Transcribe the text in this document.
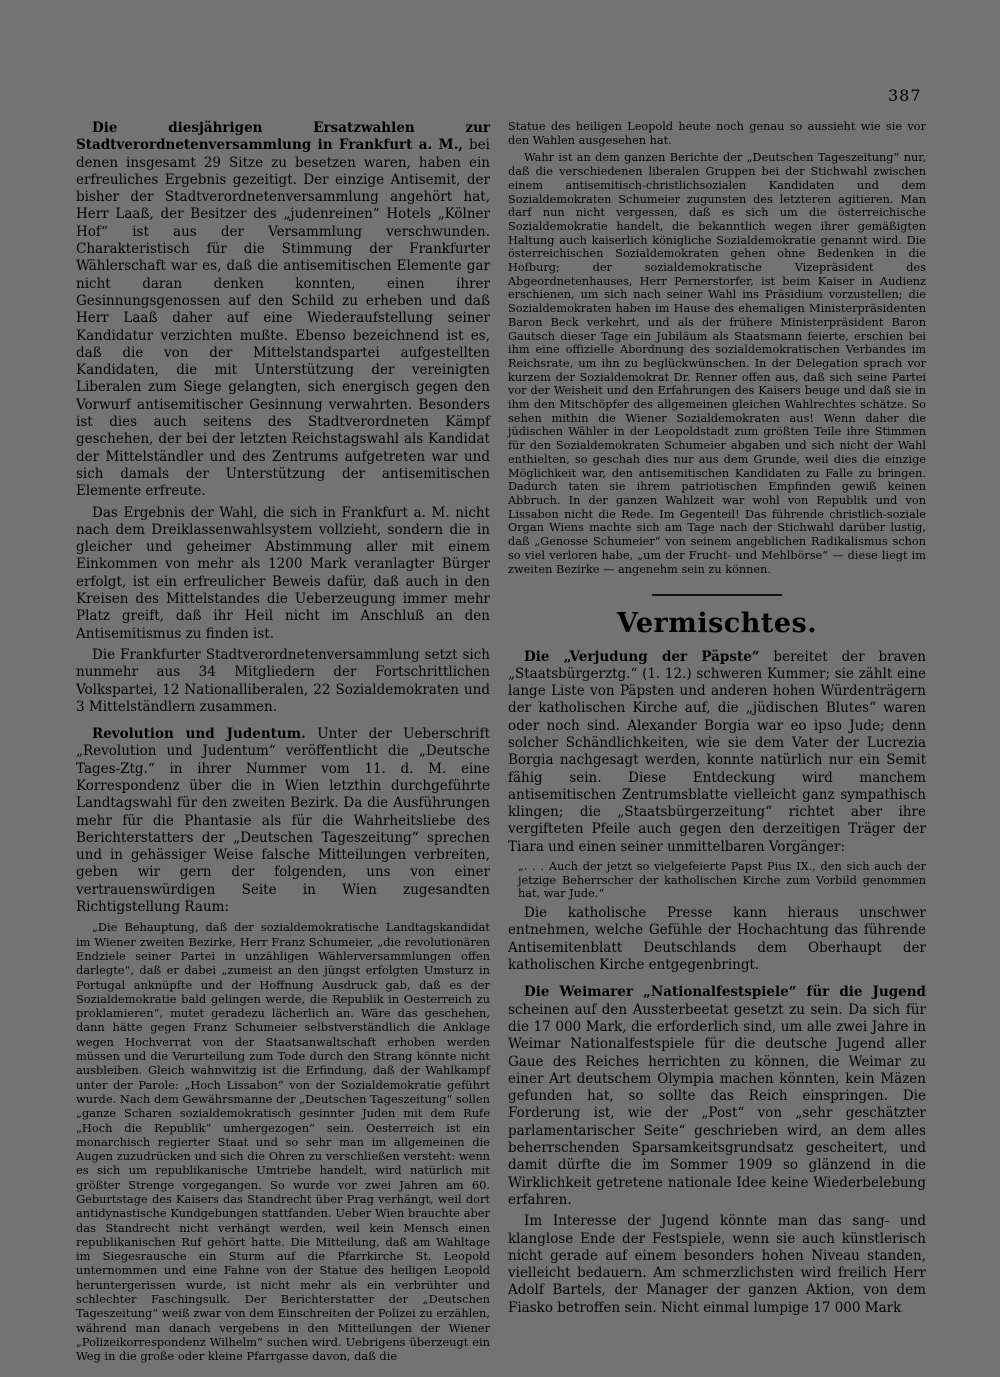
387

Die diesjährigen Ersatzwahlen zur Stadtverordnetenversammlung in Frankfurt a. M., bei denen insgesamt 29 Sitze zu besetzen waren, haben ein erfreuliches Ergebnis gezeitigt. Der einzige Antisemit, der bisher der Stadtverordnetenversammlung angehört hat, Herr Laaß, der Besitzer des „judenreinen“ Hotels „Kölner Hof“ ist aus der Versammlung verschwunden. Charakteristisch für die Stimmung der Frankfurter Wählerschaft war es, daß die antisemitischen Elemente gar nicht daran denken konnten, einen ihrer Gesinnungsgenossen auf den Schild zu erheben und daß Herr Laaß daher auf eine Wiederaufstellung seiner Kandidatur verzichten mußte. Ebenso bezeichnend ist es, daß die von der Mittelstandspartei aufgestellten Kandidaten, die mit Unterstützung der vereinigten Liberalen zum Siege gelangten, sich energisch gegen den Vorwurf antisemitischer Gesinnung verwahrten. Besonders ist dies auch seitens des Stadtverordneten Kämpf geschehen, der bei der letzten Reichstagswahl als Kandidat der Mittelständler und des Zentrums aufgetreten war und sich damals der Unterstützung der antisemitischen Elemente erfreute.

Das Ergebnis der Wahl, die sich in Frankfurt a. M. nicht nach dem Dreiklassenwahlsystem vollzieht, sondern die in gleicher und geheimer Abstimmung aller mit einem Einkommen von mehr als 1200 Mark veranlagter Bürger erfolgt, ist ein erfreulicher Beweis dafür, daß auch in den Kreisen des Mittelstandes die Ueberzeugung immer mehr Platz greift, daß ihr Heil nicht im Anschluß an den Antisemitismus zu finden ist.

Die Frankfurter Stadtverordnetenversammlung setzt sich nunmehr aus 34 Mitgliedern der Fortschrittlichen Volkspartei, 12 Nationalliberalen, 22 Sozialdemokraten und 3 Mittelständlern zusammen.

Revolution und Judentum. Unter der Ueberschrift „Revolution und Judentum“ veröffentlicht die „Deutsche Tages-Ztg.“ in ihrer Nummer vom 11. d. M. eine Korrespondenz über die in Wien letzthin durchgeführte Landtagswahl für den zweiten Bezirk. Da die Ausführungen mehr für die Phantasie als für die Wahrheitsliebe des Berichterstatters der „Deutschen Tageszeitung“ sprechen und in gehässiger Weise falsche Mitteilungen verbreiten, geben wir gern der folgenden, uns von einer vertrauenswürdigen Seite in Wien zugesandten Richtigstellung Raum:

„Die Behauptung, daß der sozialdemokratische Landtagskandidat im Wiener zweiten Bezirke, Herr Franz Schumeier, „die revolutionären Endziele seiner Partei in unzähligen Wählerversammlungen offen darlegte“, daß er dabei „zumeist an den jüngst erfolgten Umsturz in Portugal anknüpfte und der Hoffnung Ausdruck gab, daß es der Sozialdemokratie bald gelingen werde, die Republik in Oesterreich zu proklamieren“, mutet geradezu lächerlich an. Wäre das geschehen, dann hätte gegen Franz Schumeier selbstverständlich die Anklage wegen Hochverrat von der Staatsanwaltschaft erhoben werden müssen und die Verurteilung zum Tode durch den Strang könnte nicht ausbleiben. Gleich wahnwitzig ist die Erfindung, daß der Wahlkampf unter der Parole: „Hoch Lissabon“ von der Sozialdemokratie geführt wurde. Nach dem Gewährsmanne der „Deutschen Tageszeitung“ sollen „ganze Scharen sozialdemokratisch gesinnter Juden mit dem Rufe „Hoch die Republik“ umhergezogen“ sein. Oesterreich ist ein monarchisch regierter Staat und so sehr man im allgemeinen die Augen zuzudrücken und sich die Ohren zu verschließen versteht: wenn es sich um republikanische Umtriebe handelt, wird natürlich mit größter Strenge vorgegangen. So wurde vor zwei Jahren am 60. Geburtstage des Kaisers das Standrecht über Prag verhängt, weil dort antidynastische Kundgebungen stattfanden. Ueber Wien brauchte aber das Standrecht nicht verhängt werden, weil kein Mensch einen republikanischen Ruf gehört hatte. Die Mitteilung, daß am Wahltage im Siegesrausche ein Sturm auf die Pfarrkirche St. Leopold unternommen und eine Fahne von der Statue des heiligen Leopold heruntergerissen wurde, ist nicht mehr als ein verbrühter und schlechter Faschingsulk. Der Berichterstatter der „Deutschen Tageszeitung“ weiß zwar von dem Einschreiten der Polizei zu erzählen, während man danach vergebens in den Mitteilungen der Wiener „Polizeikorrespondenz Wilhelm“ suchen wird. Uebrigens überzeugt ein Weg in die große oder kleine Pfarrgasse davon, daß die

Statue des heiligen Leopold heute noch genau so aussieht wie sie vor den Wahlen ausgesehen hat.

Wahr ist an dem ganzen Berichte der „Deutschen Tageszeitung“ nur, daß die verschiedenen liberalen Gruppen bei der Stichwahl zwischen einem antisemitisch-christlichsozialen Kandidaten und dem Sozialdemokraten Schumeier zugunsten des letzteren agitieren. Man darf nun nicht vergessen, daß es sich um die österreichische Sozialdemokratie handelt, die bekanntlich wegen ihrer gemäßigten Haltung auch kaiserlich königliche Sozialdemokratie genannt wird. Die österreichischen Sozialdemokraten gehen ohne Bedenken in die Hofburg; der sozialdemokratische Vizepräsident des Abgeordnetenhauses, Herr Pernerstorfer, ist beim Kaiser in Audienz erschienen, um sich nach seiner Wahl ins Präsidium vorzustellen; die Sozialdemokraten haben im Hause des ehemaligen Ministerpräsidenten Baron Beck verkehrt, und als der frühere Ministerpräsident Baron Gautsch dieser Tage ein Jubiläum als Staatsmann feierte, erschien bei ihm eine offizielle Abordnung des sozialdemokratischen Verbandes im Reichsrate, um ihn zu beglückwünschen. In der Delegation sprach vor kurzem der Sozialdemokrat Dr. Renner offen aus, daß sich seine Partei vor der Weisheit und den Erfahrungen des Kaisers beuge und daß sie in ihm den Mitschöpfer des allgemeinen gleichen Wahlrechtes schätze. So sehen mithin die Wiener Sozialdemokraten aus! Wenn daher die jüdischen Wähler in der Leopoldstadt zum größten Teile ihre Stimmen für den Sozialdemokraten Schumeier abgaben und sich nicht der Wahl enthielten, so geschah dies nur aus dem Grunde, weil dies die einzige Möglichkeit war, den antisemitischen Kandidaten zu Falle zu bringen. Dadurch taten sie ihrem patriotischen Empfinden gewiß keinen Abbruch. In der ganzen Wahlzeit war wohl von Republik und von Lissabon nicht die Rede. Im Gegenteil! Das führende christlich-soziale Organ Wiens machte sich am Tage nach der Stichwahl darüber lustig, daß „Genosse Schumeier“ von seinem angeblichen Radikalismus schon so viel verloren habe, „um der Frucht- und Mehlbörse“ — diese liegt im zweiten Bezirke — angenehm sein zu können.

Vermischtes.

Die „Verjudung der Päpste“ bereitet der braven „Staatsbürgerztg.“ (1. 12.) schweren Kummer; sie zählt eine lange Liste von Päpsten und anderen hohen Würdenträgern der katholischen Kirche auf, die „jüdischen Blutes“ waren oder noch sind. Alexander Borgia war eo ipso Jude; denn solcher Schändlichkeiten, wie sie dem Vater der Lucrezia Borgia nachgesagt werden, konnte natürlich nur ein Semit fähig sein. Diese Entdeckung wird manchem antisemitischen Zentrumsblatte vielleicht ganz sympathisch klingen; die „Staatsbürgerzeitung“ richtet aber ihre vergifteten Pfeile auch gegen den derzeitigen Träger der Tiara und einen seiner unmittelbaren Vorgänger:

„. . . Auch der jetzt so vielgefeierte Papst Pius IX., den sich auch der jetzige Beherrscher der katholischen Kirche zum Vorbild genommen hat, war Jude.“

Die katholische Presse kann hieraus unschwer entnehmen, welche Gefühle der Hochachtung das führende Antisemitenblatt Deutschlands dem Oberhaupt der katholischen Kirche entgegenbringt.

Die Weimarer „Nationalfestspiele“ für die Jugend scheinen auf den Aussterbeetat gesetzt zu sein. Da sich für die 17 000 Mark, die erforderlich sind, um alle zwei Jahre in Weimar Nationalfestspiele für die deutsche Jugend aller Gaue des Reiches herrichten zu können, die Weimar zu einer Art deutschem Olympia machen könnten, kein Mäzen gefunden hat, so sollte das Reich einspringen. Die Forderung ist, wie der „Post“ von „sehr geschätzter parlamentarischer Seite“ geschrieben wird, an dem alles beherrschenden Sparsamkeitsgrundsatz gescheitert, und damit dürfte die im Sommer 1909 so glänzend in die Wirklichkeit getretene nationale Idee keine Wiederbelebung erfahren.

Im Interesse der Jugend könnte man das sang- und klanglose Ende der Festspiele, wenn sie auch künstlerisch nicht gerade auf einem besonders hohen Niveau standen, vielleicht bedauern. Am schmerzlichsten wird freilich Herr Adolf Bartels, der Manager der ganzen Aktion, von dem Fiasko betroffen sein. Nicht einmal lumpige 17 000 Mark
